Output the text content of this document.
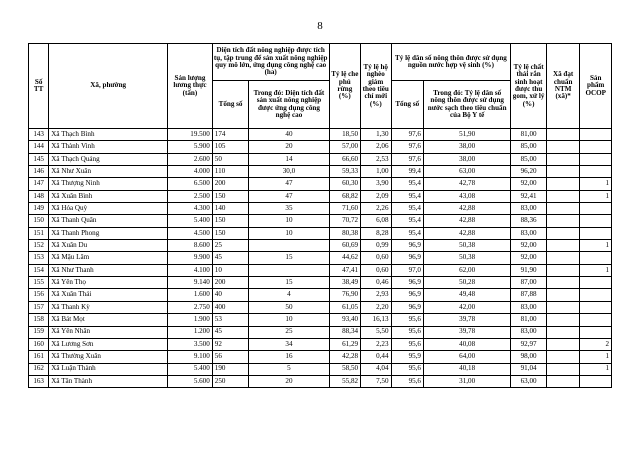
8
Số TT	Xã, phường	Sản lượng lương thực (tấn)	Diện tích đất nông nghiệp được tích tụ, tập trung để sản xuất nông nghiệp quy mô lớn, ứng dụng công nghệ cao (ha)		Tỷ lệ che phủ rừng (%)	Tỷ lệ hộ nghèo giảm theo tiêu chí mới (%)	Tỷ lệ dân số nông thôn được sử dụng nguồn nước hợp vệ sinh (%)		Tỷ lệ chất thải rắn sinh hoạt được thu gom, xử lý (%)	Xã đạt chuẩn NTM (xã)*	Sản phẩm OCOP
			Tổng số	Trong đó: Diện tích đất sản xuất nông nghiệp được ứng dụng công nghệ cao			Tổng số	Trong đó: Tỷ lệ dân số nông thôn được sử dụng nước sạch theo tiêu chuẩn của Bộ Y tế			
143	Xã Thạch Bình	19.500	174	40	18,50	1,30	97,6	51,90	81,00		
144	Xã Thành Vinh	5.900	105	20	57,00	2,06	97,6	38,00	85,00		
145	Xã Thạch Quảng	2.600	50	14	66,60	2,53	97,6	38,00	85,00		
146	Xã Như Xuân	4.000	110	30,0	59,33	1,00	99,4	63,00	96,20		
147	Xã Thượng Ninh	6.500	200	47	60,30	3,90	95,4	42,78	92,00		1
148	Xã Xuân Bình	2.500	150	47	68,82	2,09	95,4	43,08	92,41		1
149	Xã Hóa Quỳ	4.300	140	35	71,60	2,26	95,4	42,88	83,00		
150	Xã Thanh Quân	5.400	150	10	70,72	6,08	95,4	42,88	88,36		
151	Xã Thanh Phong	4.500	150	10	80,38	8,28	95,4	42,88	83,00		
152	Xã Xuân Du	8.600	25		60,69	0,99	96,9	50,38	92,00		1
153	Xã Mậu Lâm	9.900	45	15	44,62	0,60	96,9	50,38	92,00		
154	Xã Như Thanh	4.100	10		47,41	0,60	97,0	62,00	91,90		1
155	Xã Yên Thọ	9.140	200	15	38,49	0,46	96,9	50,28	87,00		
156	Xã Xuân Thái	1.600	40	4	76,90	2,93	96,9	49,48	87,88		
157	Xã Thanh Kỳ	2.750	400	50	61,05	2,20	96,9	42,00	83,00		
158	Xã Bát Mọt	1.900	53	10	93,40	16,13	95,6	39,78	81,00		
159	Xã Yên Nhân	1.200	45	25	88,34	5,50	95,6	39,78	83,00		
160	Xã Lương Sơn	3.500	92	34	61,29	2,23	95,6	40,08	92,97		2
161	Xã Thường Xuân	9.100	56	16	42,28	0,44	95,9	64,00	98,00		1
162	Xã Luận Thành	5.400	190	5	58,50	4,04	95,6	40,18	91,04		1
163	Xã Tân Thành	5.600	250	20	55,82	7,50	95,6	31,00	63,00		
